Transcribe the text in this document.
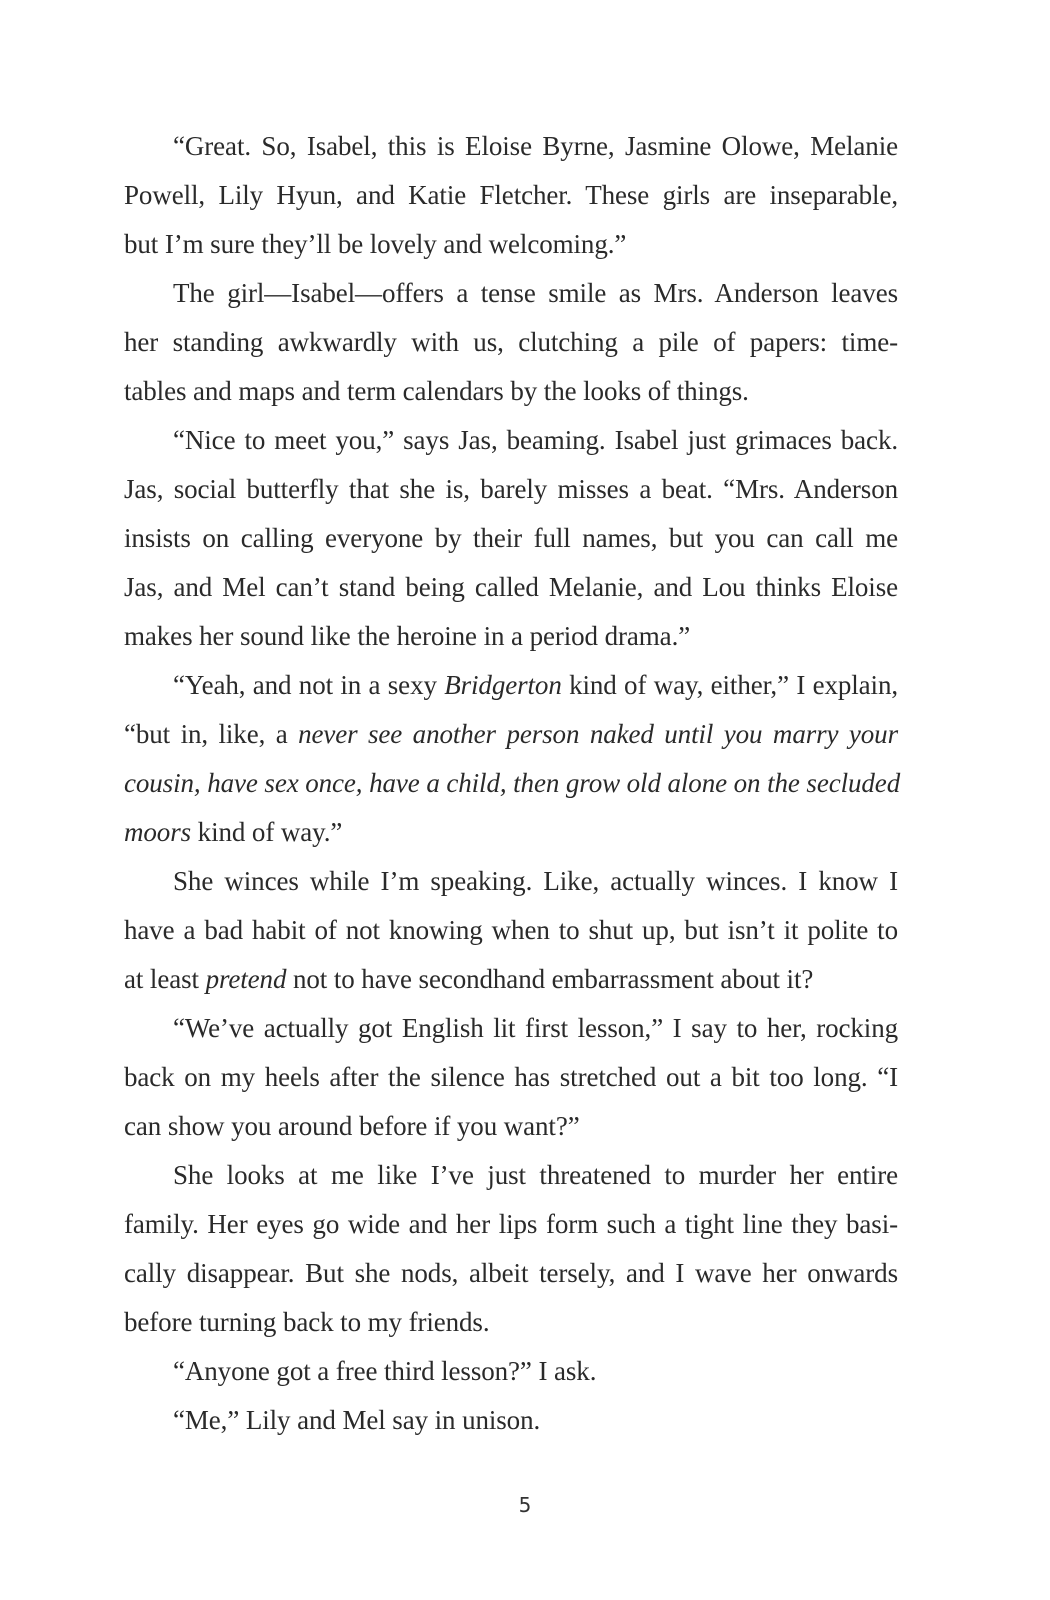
“Great. So, Isabel, this is Eloise Byrne, Jasmine Olowe, Melanie
Powell, Lily Hyun, and Katie Fletcher. These girls are inseparable,
but I’m sure they’ll be lovely and welcoming.”
The girl—Isabel—offers a tense smile as Mrs. Anderson leaves
her standing awkwardly with us, clutching a pile of papers: time-
tables and maps and term calendars by the looks of things.
“Nice to meet you,” says Jas, beaming. Isabel just grimaces back.
Jas, social butterfly that she is, barely misses a beat. “Mrs. Anderson
insists on calling everyone by their full names, but you can call me
Jas, and Mel can’t stand being called Melanie, and Lou thinks Eloise
makes her sound like the heroine in a period drama.”
“Yeah, and not in a sexy Bridgerton kind of way, either,” I explain,
“but in, like, a never see another person naked until you marry your
cousin, have sex once, have a child, then grow old alone on the secluded
moors kind of way.”
She winces while I’m speaking. Like, actually winces. I know I
have a bad habit of not knowing when to shut up, but isn’t it polite to
at least pretend not to have secondhand embarrassment about it?
“We’ve actually got English lit first lesson,” I say to her, rocking
back on my heels after the silence has stretched out a bit too long. “I
can show you around before if you want?”
She looks at me like I’ve just threatened to murder her entire
family. Her eyes go wide and her lips form such a tight line they basi-
cally disappear. But she nods, albeit tersely, and I wave her onwards
before turning back to my friends.
“Anyone got a free third lesson?” I ask.
“Me,” Lily and Mel say in unison.
5
